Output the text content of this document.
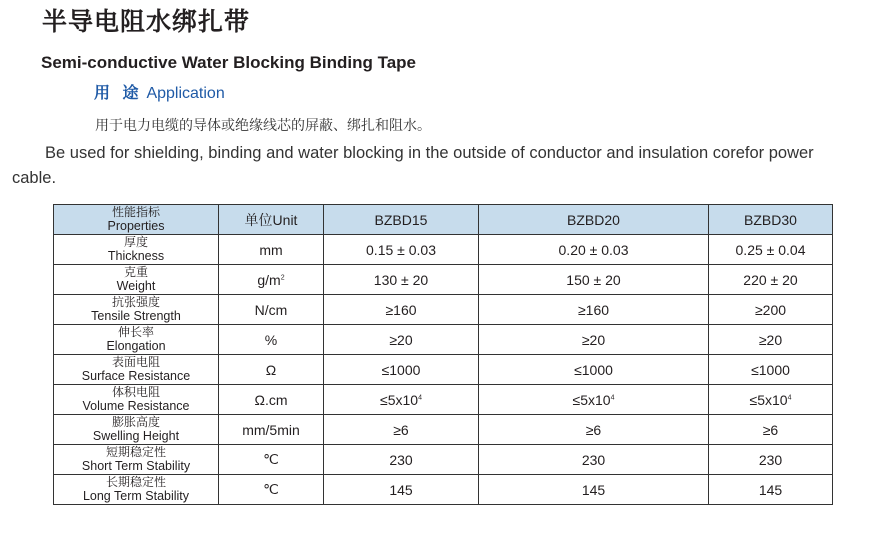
半导电阻水绑扎带
Semi-conductive Water Blocking Binding Tape

用 途 Application

用于电力电缆的导体或绝缘线芯的屏蔽、绑扎和阻水。

Be used for shielding, binding and water blocking in the outside of conductor and insulation corefor power cable.

性能指标
Properties	单位Unit	BZBD15	BZBD20	BZBD30

厚度
Thickness	mm	0.15 ± 0.03	0.20 ± 0.03	0.25 ± 0.04

克重
Weight	$g/m^2$	130 ± 20	150 ± 20	220 ± 20

抗张强度
Tensile Strength	N/cm	≥160	≥160	≥200

伸长率
Elongation	%	≥20	≥20	≥20

表面电阻
Surface Resistance	Ω	≤1000	≤1000	≤1000

体积电阻
Volume Resistance	Ω.cm	$\le 5x10^4$	$\le 5x10^4$	$\le 5x10^4$

膨胀高度
Swelling Height	mm/5min	≥6	≥6	≥6

短期稳定性
Short Term Stability	℃	230	230	230

长期稳定性
Long Term Stability	℃	145	145	145
